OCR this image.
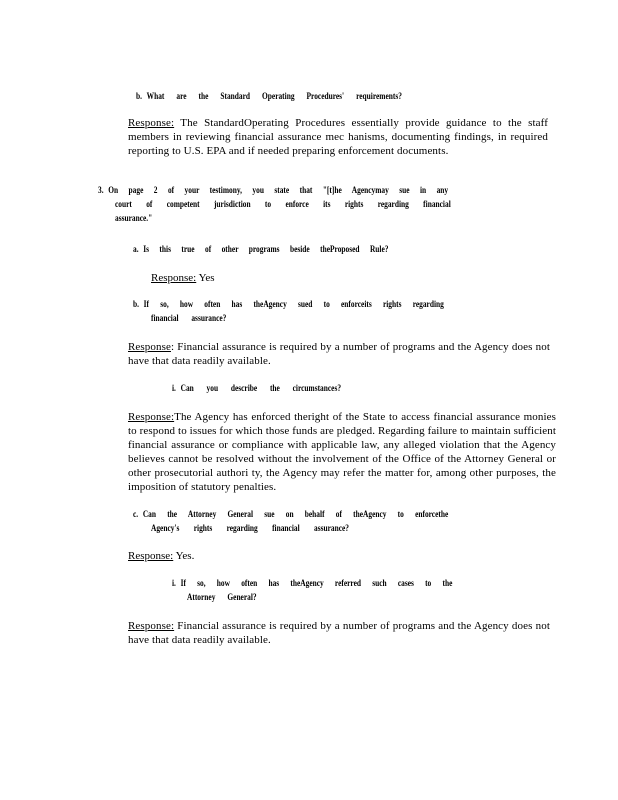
b. What are the Standard Operating Procedures' requirements?
Response: The StandardOperating Procedures essentially provide guidance to the staff members in reviewing financial assurance mec hanisms, documenting findings, in required reporting to U.S. EPA and if needed preparing enforcement documents.
3. On page 2 of your testimony, you state that "[t]he Agencymay sue in any
court of competent jurisdiction to enforce its rights regarding financial
assurance."
a. Is this true of other programs beside theProposed Rule?
Response: Yes
b. If so, how often has theAgency sued to enforceits rights regarding
financial assurance?
Response: Financial assurance is required by a number of programs and the Agency does not have that data readily available.
i. Can you describe the circumstances?
Response:The Agency has enforced theright of the State to access financial assurance monies to respond to issues for which those funds are pledged. Regarding failure to maintain sufficient financial assurance or compliance with applicable law, any alleged violation that the Agency believes cannot be resolved without the involvement of the Office of the Attorney General or other prosecutorial authori ty, the Agency may refer the matter for, among other purposes, the imposition of statutory penalties.
c. Can the Attorney General sue on behalf of theAgency to enforcethe
Agency's rights regarding financial assurance?
Response: Yes.
i. If so, how often has theAgency referred such cases to the
Attorney General?
Response: Financial assurance is required by a number of programs and the Agency does not have that data readily available.
